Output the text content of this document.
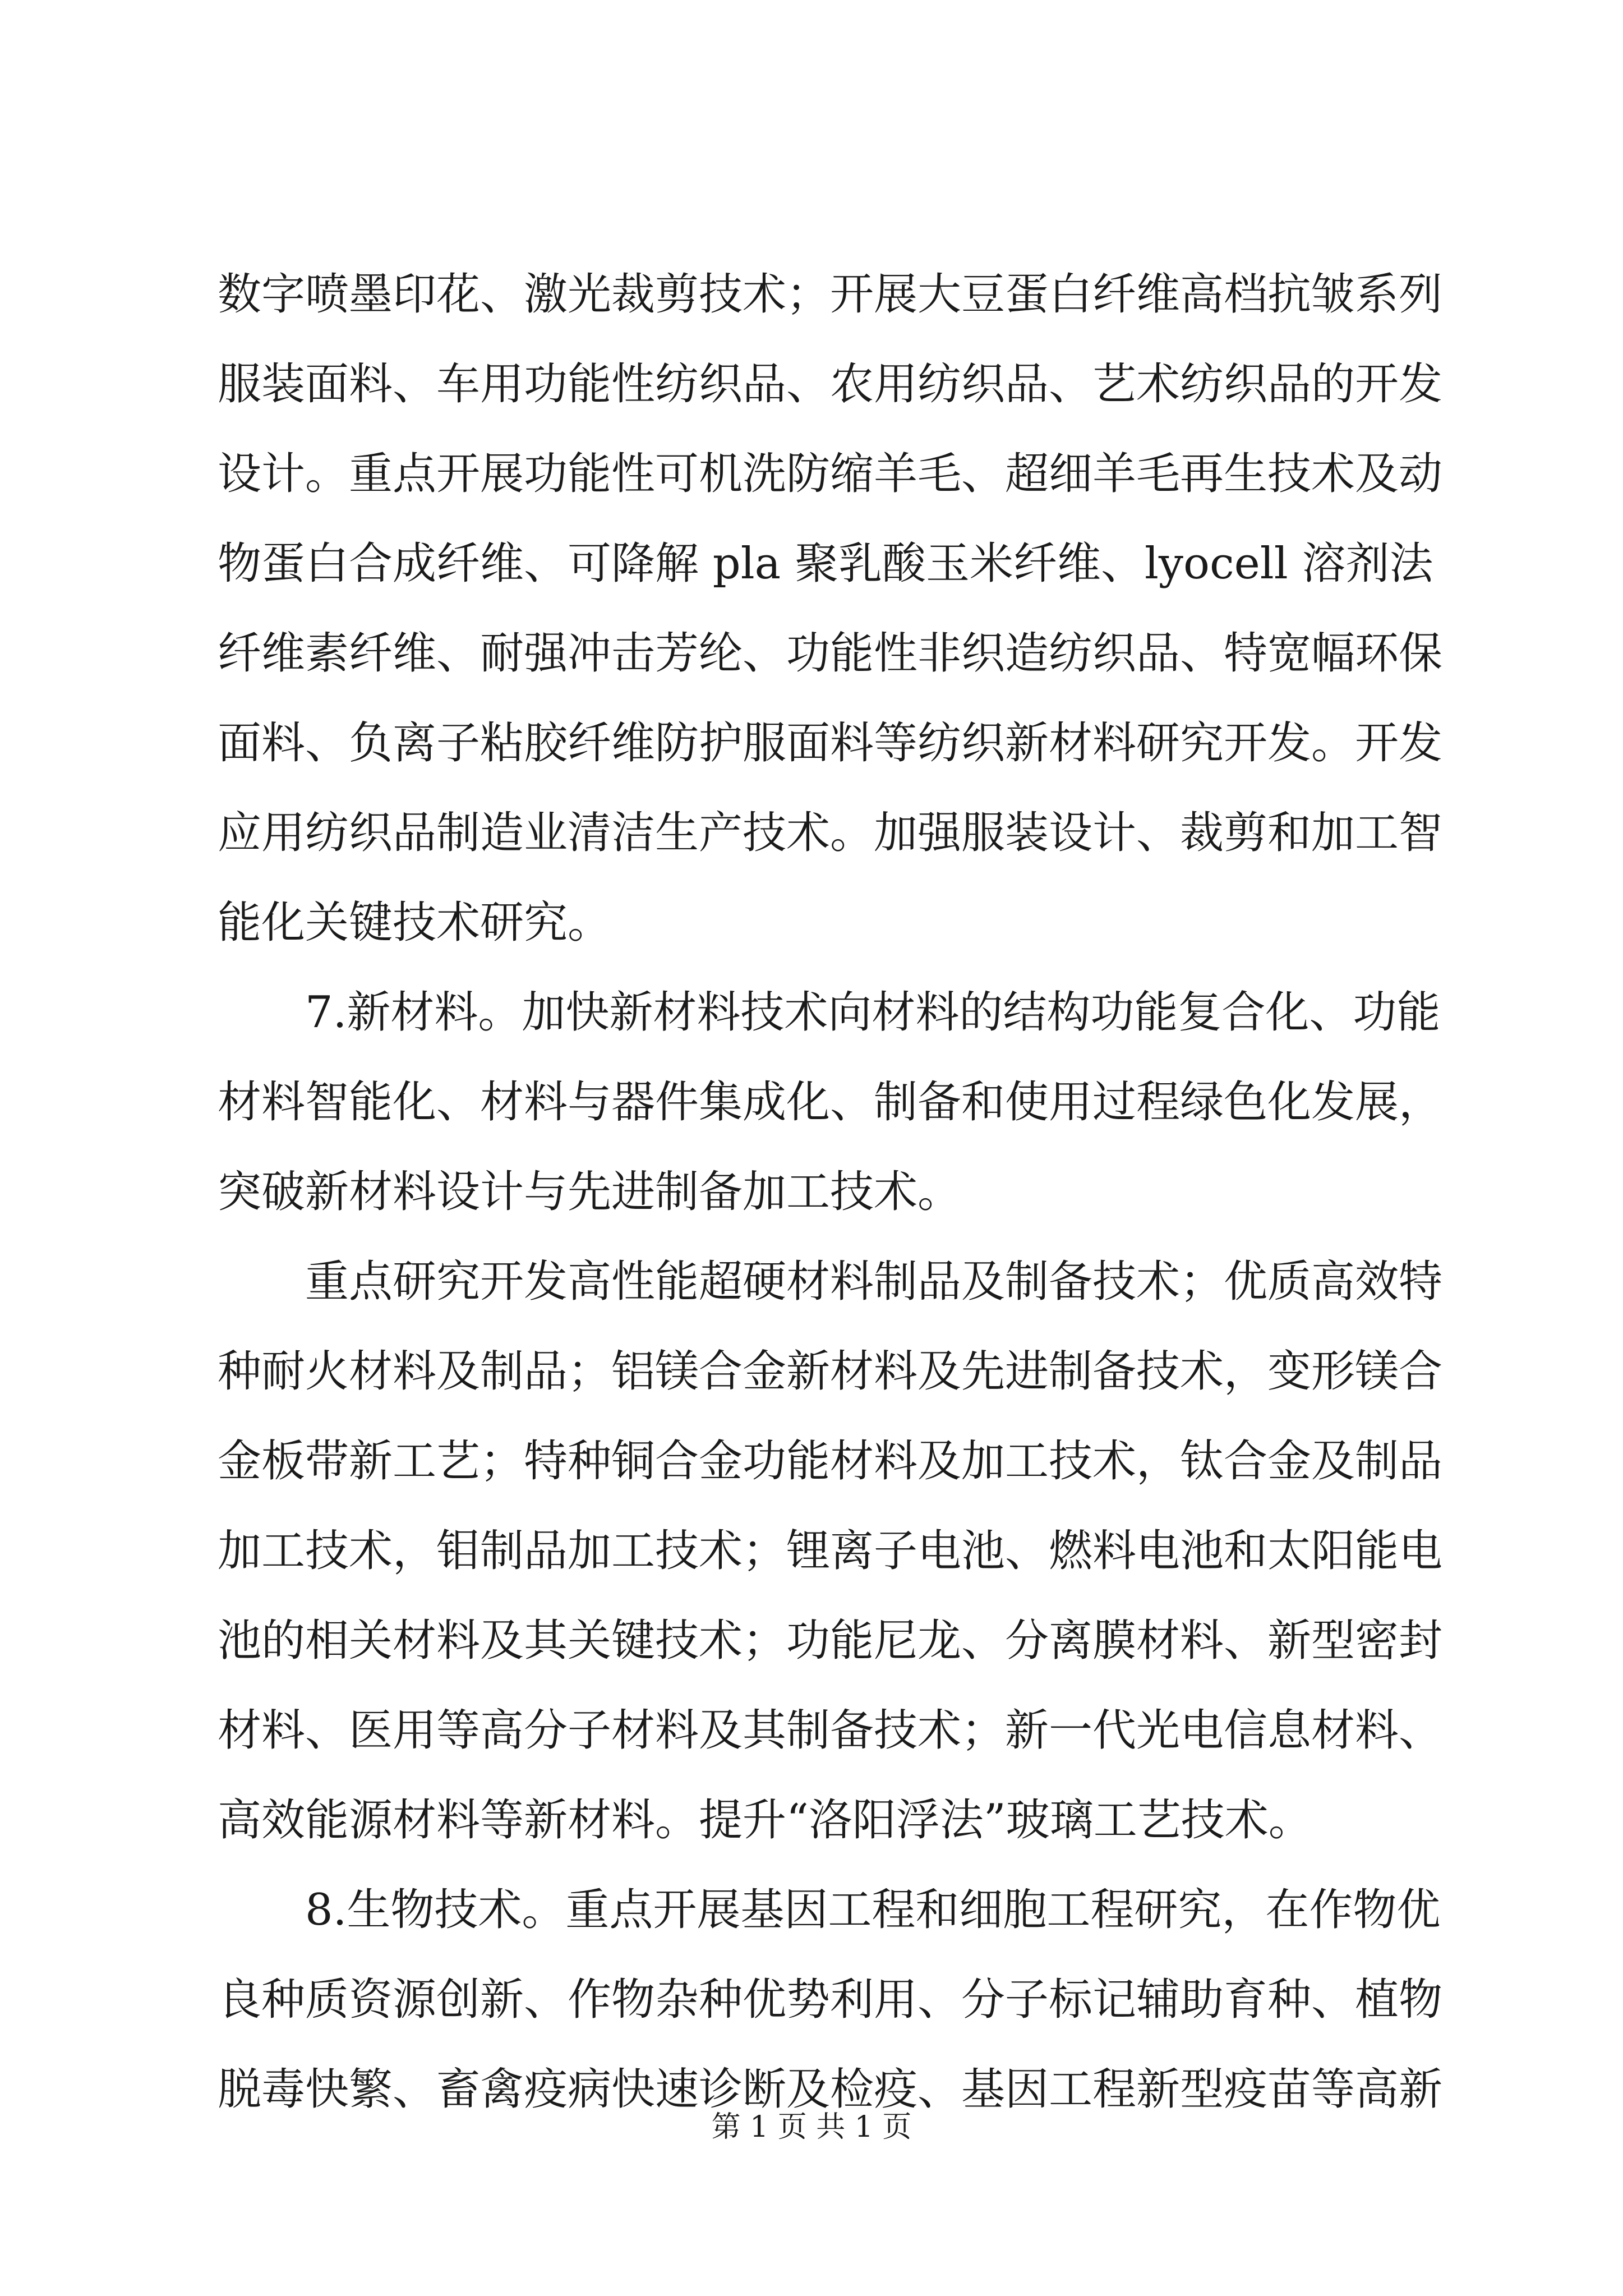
数字喷墨印花、激光裁剪技术；开展大豆蛋白纤维高档抗皱系列
服装面料、车用功能性纺织品、农用纺织品、艺术纺织品的开发
设计。重点开展功能性可机洗防缩羊毛、超细羊毛再生技术及动
物蛋白合成纤维、可降解 pla 聚乳酸玉米纤维、lyocell 溶剂法
纤维素纤维、耐强冲击芳纶、功能性非织造纺织品、特宽幅环保
面料、负离子粘胶纤维防护服面料等纺织新材料研究开发。开发
应用纺织品制造业清洁生产技术。加强服装设计、裁剪和加工智
能化关键技术研究。
7.新材料。加快新材料技术向材料的结构功能复合化、功能
材料智能化、材料与器件集成化、制备和使用过程绿色化发展，
突破新材料设计与先进制备加工技术。
重点研究开发高性能超硬材料制品及制备技术；优质高效特
种耐火材料及制品；铝镁合金新材料及先进制备技术，变形镁合
金板带新工艺；特种铜合金功能材料及加工技术，钛合金及制品
加工技术，钼制品加工技术；锂离子电池、燃料电池和太阳能电
池的相关材料及其关键技术；功能尼龙、分离膜材料、新型密封
材料、医用等高分子材料及其制备技术；新一代光电信息材料、
高效能源材料等新材料。提升“洛阳浮法”玻璃工艺技术。
8.生物技术。重点开展基因工程和细胞工程研究，在作物优
良种质资源创新、作物杂种优势利用、分子标记辅助育种、植物
脱毒快繁、畜禽疫病快速诊断及检疫、基因工程新型疫苗等高新
第 1 页 共 1 页
